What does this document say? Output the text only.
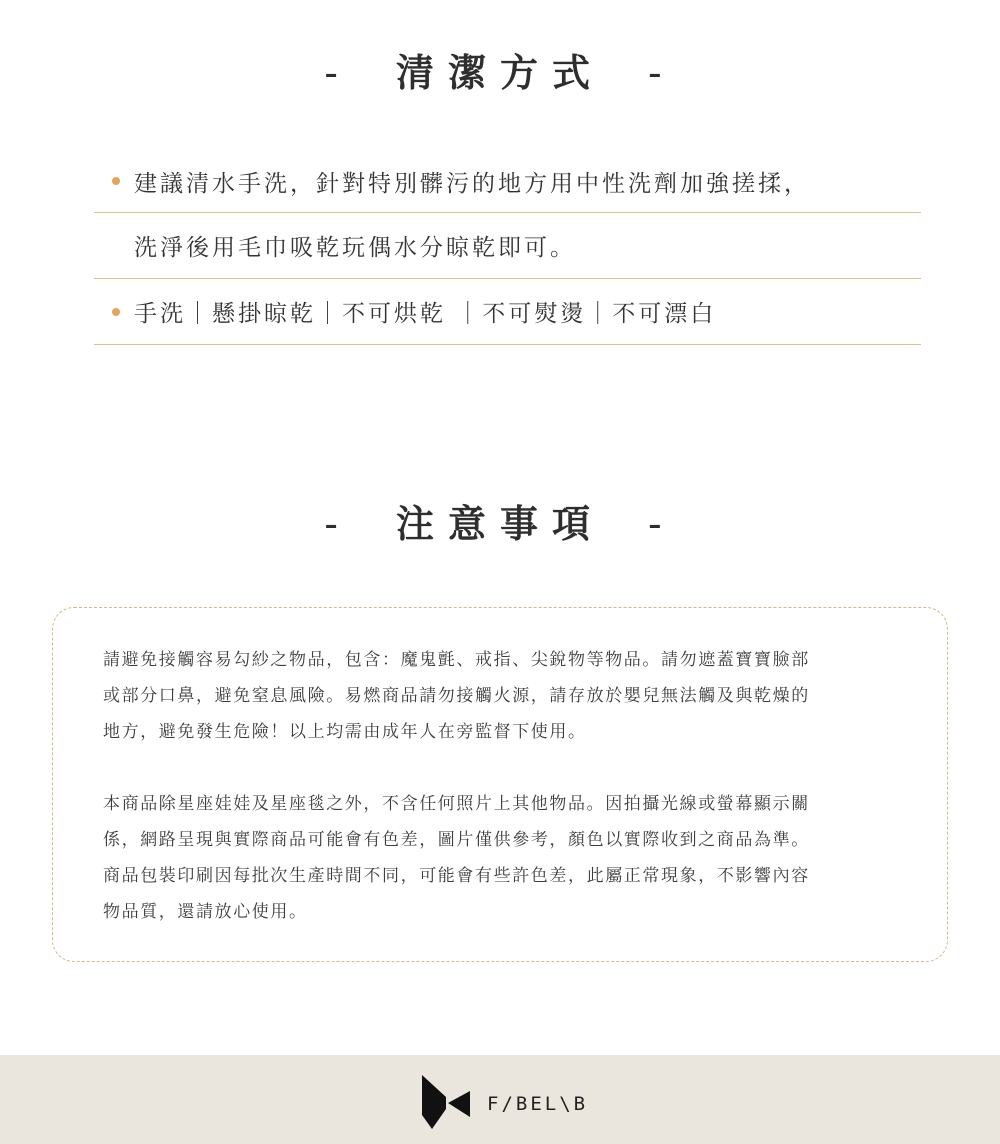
- 清潔方式 -
建議清水手洗，針對特別髒污的地方用中性洗劑加強搓揉，
洗淨後用毛巾吸乾玩偶水分晾乾即可。
手洗｜懸掛晾乾｜不可烘乾 ｜不可熨燙｜不可漂白
- 注意事項 -
請避免接觸容易勾紗之物品，包含：魔鬼氈、戒指、尖銳物等物品。請勿遮蓋寶寶臉部
或部分口鼻，避免窒息風險。易燃商品請勿接觸火源，請存放於嬰兒無法觸及與乾燥的
地方，避免發生危險！以上均需由成年人在旁監督下使用。
本商品除星座娃娃及星座毯之外，不含任何照片上其他物品。因拍攝光線或螢幕顯示關
係，網路呈現與實際商品可能會有色差，圖片僅供參考，顏色以實際收到之商品為準。
商品包裝印刷因每批次生產時間不同，可能會有些許色差，此屬正常現象，不影響內容
物品質，還請放心使用。
F/BEL\B
